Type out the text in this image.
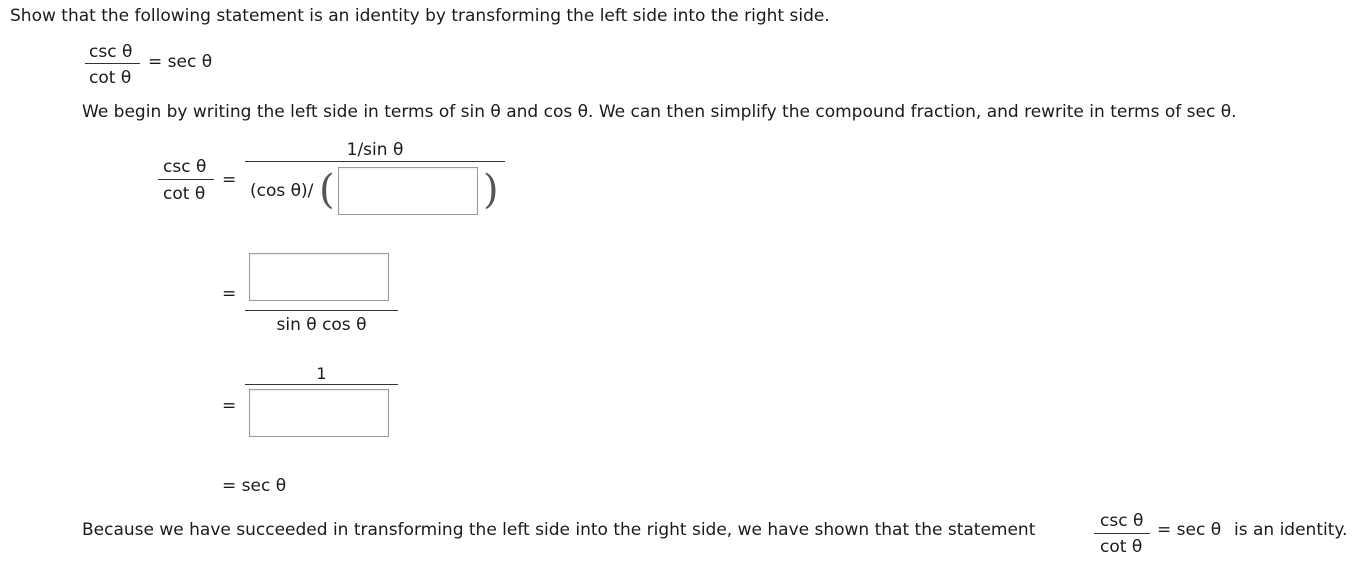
Show that the following statement is an identity by transforming the left side into the right side.
csc θ
cot θ
= sec θ
We begin by writing the left side in terms of sin θ and cos θ. We can then simplify the compound fraction, and rewrite in terms of sec θ.
csc θ
cot θ
=
1/sin θ
(cos θ)/ (	)
=
sin θ cos θ
=
1
= sec θ
Because we have succeeded in transforming the left side into the right side, we have shown that the statement	csc θ
cot θ
= sec θ is an identity.
